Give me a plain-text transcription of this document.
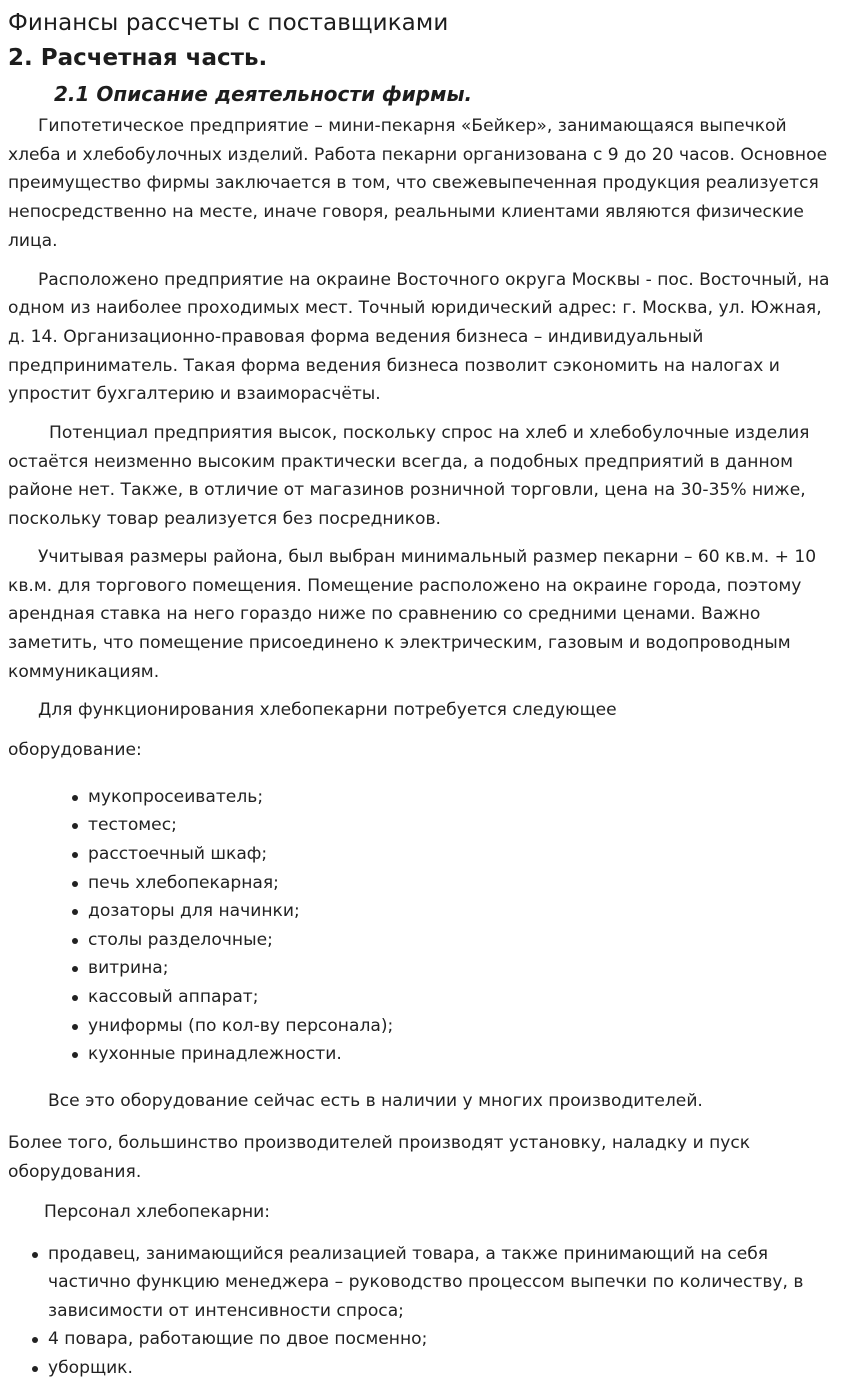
Финансы рассчеты с поставщиками
2. Расчетная часть.
2.1 Описание деятельности фирмы.

Гипотетическое предприятие – мини-пекарня «Бейкер», занимающаяся выпечкой хлеба и хлебобулочных изделий. Работа пекарни организована с 9 до 20 часов. Основное преимущество фирмы заключается в том, что свежевыпеченная продукция реализуется непосредственно на месте, иначе говоря, реальными клиентами являются физические лица.

Расположено предприятие на окраине Восточного округа Москвы - пос. Восточный, на одном из наиболее проходимых мест. Точный юридический адрес: г. Москва, ул. Южная, д. 14. Организационно-правовая форма ведения бизнеса – индивидуальный предприниматель. Такая форма ведения бизнеса позволит сэкономить на налогах и упростит бухгалтерию и взаиморасчёты.

Потенциал предприятия высок, поскольку спрос на хлеб и хлебобулочные изделия остаётся неизменно высоким практически всегда, а подобных предприятий в данном районе нет. Также, в отличие от магазинов розничной торговли, цена на 30-35% ниже, поскольку товар реализуется без посредников.

Учитывая размеры района, был выбран минимальный размер пекарни – 60 кв.м. + 10 кв.м. для торгового помещения. Помещение расположено на окраине города, поэтому арендная ставка на него гораздо ниже по сравнению со средними ценами. Важно заметить, что помещение присоединено к электрическим, газовым и водопроводным коммуникациям.

Для функционирования хлебопекарни потребуется следующее

оборудование:

мукопросеиватель;
тестомес;
расстоечный шкаф;
печь хлебопекарная;
дозаторы для начинки;
столы разделочные;
витрина;
кассовый аппарат;
униформы (по кол-ву персонала);
кухонные принадлежности.

Все это оборудование сейчас есть в наличии у многих производителей.

Более того, большинство производителей производят установку, наладку и пуск оборудования.

Персонал хлебопекарни:

продавец, занимающийся реализацией товара, а также принимающий на себя частично функцию менеджера – руководство процессом выпечки по количеству, в зависимости от интенсивности спроса;
4 повара, работающие по двое посменно;
уборщик.
